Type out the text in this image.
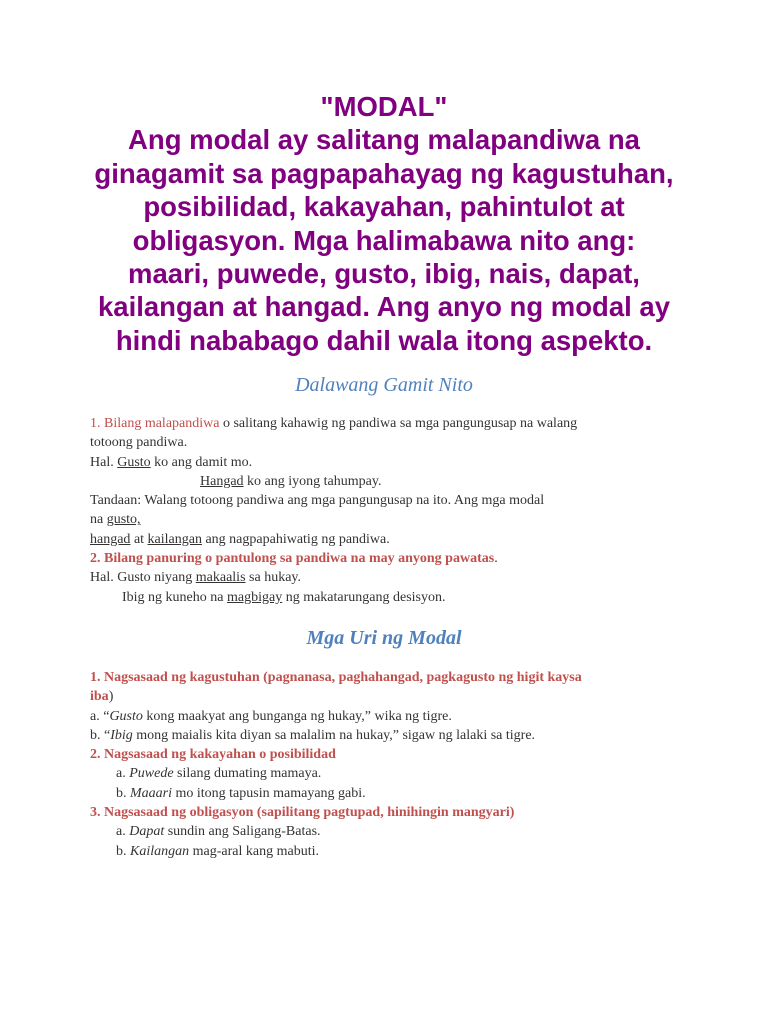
"MODAL"
Ang modal ay salitang malapandiwa na
ginagamit sa pagpapahayag ng kagustuhan,
posibilidad, kakayahan, pahintulot at
obligasyon. Mga halimabawa nito ang:
maari, puwede, gusto, ibig, nais, dapat,
kailangan at hangad. Ang anyo ng modal ay
hindi nababago dahil wala itong aspekto.
Dalawang Gamit Nito

1. Bilang malapandiwa o salitang kahawig ng pandiwa sa mga pangungusap na walang

totoong pandiwa.

Hal. Gusto ko ang damit mo.

Hangad ko ang iyong tahumpay.

Tandaan: Walang totoong pandiwa ang mga pangungusap na ito. Ang mga modal

na gusto,

hangad at kailangan ang nagpapahiwatig ng pandiwa.

2. Bilang panuring o pantulong sa pandiwa na may anyong pawatas.

Hal. Gusto niyang makaalis sa hukay.

Ibig ng kuneho na magbigay ng makatarungang desisyon.

Mga Uri ng Modal

1. Nagsasaad ng kagustuhan (pagnanasa, paghahangad, pagkagusto ng higit kaysa

iba)

a. “Gusto kong maakyat ang bunganga ng hukay,” wika ng tigre.

b. “Ibig mong maialis kita diyan sa malalim na hukay,” sigaw ng lalaki sa tigre.

2. Nagsasaad ng kakayahan o posibilidad

a. Puwede silang dumating mamaya.

b. Maaari mo itong tapusin mamayang gabi.

3. Nagsasaad ng obligasyon (sapilitang pagtupad, hinihingin mangyari)

a. Dapat sundin ang Saligang-Batas.

b. Kailangan mag-aral kang mabuti.
